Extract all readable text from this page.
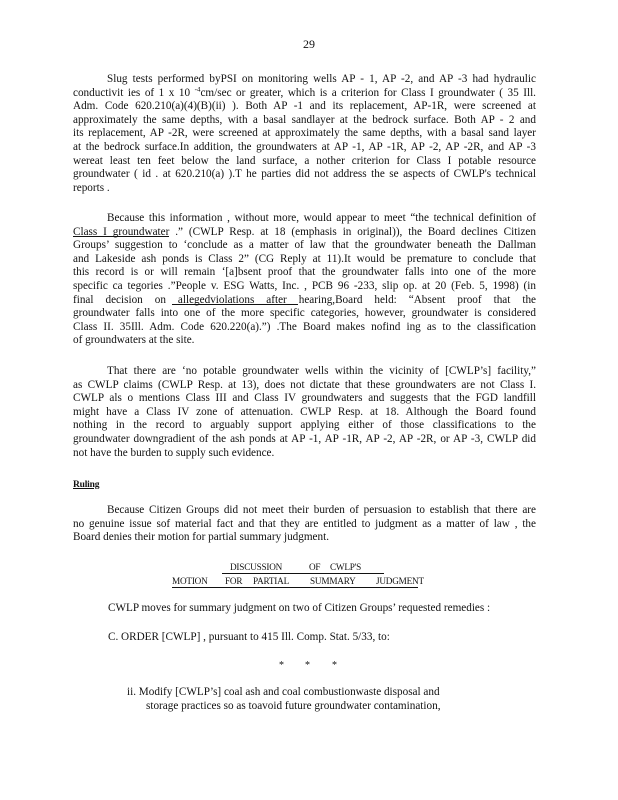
29
Slug tests performed byPSI on monitoring wells AP - 1, AP -2, and AP -3 had hydraulic
conductivit ies of 1 x 10 $^{-4}$cm/sec or greater, which is a criterion for Class I groundwater ( 35 Ill.
Adm. Code 620.210(a)(4)(B)(ii) ). Both AP -1 and its replacement, AP-1R, were screened at
approximately the same depths, with a basal sandlayer at the bedrock surface. Both AP - 2 and
its replacement, AP -2R, were screened at approximately the same depths, with a basal sand layer
at the bedrock surface.In addition, the groundwaters at AP -1, AP -1R, AP -2, AP -2R, and AP -3
wereat least ten feet below the land surface, a nother criterion for Class I potable resource
groundwater ( id . at 620.210(a) ).T he parties did not address the se aspects of CWLP's technical
reports .
Because this information , without more, would appear to meet “the technical definition of
Class I groundwater .” (CWLP Resp. at 18 (emphasis in original)), the Board declines Citizen
Groups’ suggestion to ‘conclude as a matter of law that the groundwater beneath the Dallman
and Lakeside ash ponds is Class 2” (CG Reply at 11).It would be premature to conclude that
this record is or will remain ‘[a]bsent proof that the groundwater falls into one of the more
specific ca tegories .”People v. ESG Watts, Inc. , PCB 96 -233, slip op. at 20 (Feb. 5, 1998) (in
final decision on allegedviolations after hearing,Board held: “Absent proof that the
groundwater falls into one of the more specific categories, however, groundwater is considered
Class II. 35Ill. Adm. Code 620.220(a).”) .The Board makes nofind ing as to the classification
of groundwaters at the site.
That there are ‘no potable groundwater wells within the vicinity of [CWLP’s] facility,”
as CWLP claims (CWLP Resp. at 13), does not dictate that these groundwaters are not Class I.
CWLP als o mentions Class III and Class IV groundwaters and suggests that the FGD landfill
might have a Class IV zone of attenuation. CWLP Resp. at 18. Although the Board found
nothing in the record to arguably support applying either of those classifications to the
groundwater downgradient of the ash ponds at AP -1, AP -1R, AP -2, AP -2R, or AP -3, CWLP did
not have the burden to supply such evidence.
Ruling
Because Citizen Groups did not meet their burden of persuasion to establish that there are
no genuine issue sof material fact and that they are entitled to judgment as a matter of law , the
Board denies their motion for partial summary judgment.
DISCUSSION	OF CWLP'S
MOTION FOR PARTIAL SUMMARY JUDGMENT
CWLP moves for summary judgment on two of Citizen Groups’ requested remedies :
C. ORDER [CWLP] , pursuant to 415 Ill. Comp. Stat. 5/33, to:
* * *
ii. Modify [CWLP’s] coal ash and coal combustionwaste disposal and
storage practices so as toavoid future groundwater contamination,
